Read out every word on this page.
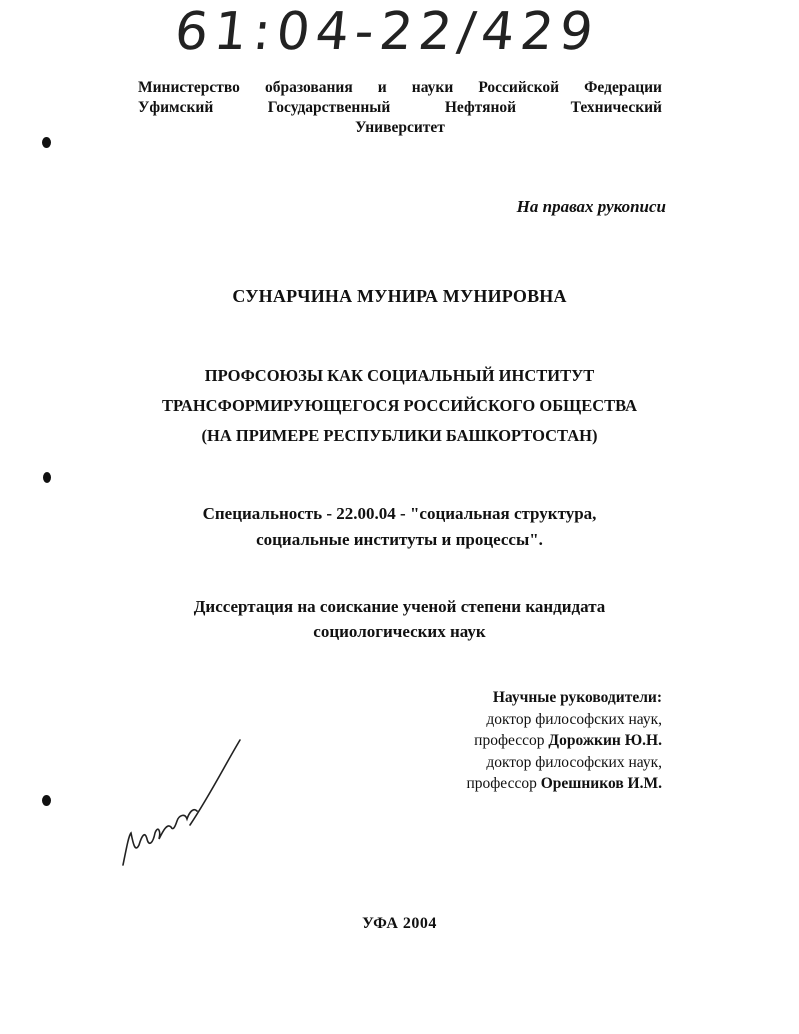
61:04-22/429
Министерство образования и науки Российской Федерации
Уфимский Государственный Нефтяной Технический
Университет
На правах рукописи
СУНАРЧИНА МУНИРА МУНИРОВНА
ПРОФСОЮЗЫ КАК СОЦИАЛЬНЫЙ ИНСТИТУТ
ТРАНСФОРМИРУЮЩЕГОСЯ РОССИЙСКОГО ОБЩЕСТВА
(НА ПРИМЕРЕ РЕСПУБЛИКИ БАШКОРТОСТАН)
Специальность - 22.00.04 - "социальная структура,
социальные институты и процессы".
Диссертация на соискание ученой степени кандидата
социологических наук
Научные руководители:
доктор философских наук,
профессор Дорожкин Ю.Н.
доктор философских наук,
профессор Орешников И.М.
УФА 2004
